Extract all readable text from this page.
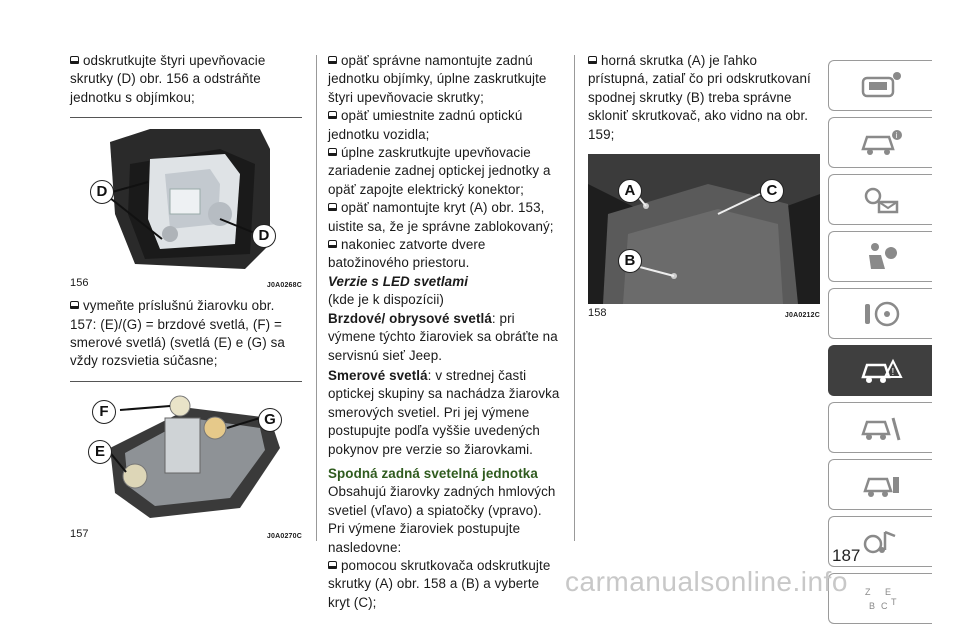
odskrutkujte štyri upevňovacie skrutky (D) obr. 156 a odstráňte jednotku s objímkou;

D
D
156	J0A0268C

vymeňte príslušnú žiarovku obr. 157: (E)/(G) = brzdové svetlá, (F) = smerové svetlá) (svetlá (E) e (G) sa vždy rozsvietia súčasne;

F	G
E
157	J0A0270C

opäť správne namontujte zadnú jednotku objímky, úplne zaskrutkujte štyri upevňovacie skrutky;

opäť umiestnite zadnú optickú jednotku vozidla;

úplne zaskrutkujte upevňovacie zariadenie zadnej optickej jednotky a opäť zapojte elektrický konektor;

opäť namontujte kryt (A) obr. 153, uistite sa, že je správne zablokovaný;

nakoniec zatvorte dvere batožinového priestoru.

Verzie s LED svetlami

(kde je k dispozícii)

Brzdové/ obrysové svetlá: pri výmene týchto žiaroviek sa obráťte na servisnú sieť Jeep.

Smerové svetlá: v strednej časti optickej skupiny sa nachádza žiarovka smerových svetiel. Pri jej výmene postupujte podľa vyššie uvedených pokynov pre verzie so žiarovkami.

Spodná zadná svetelná jednotka

Obsahujú žiarovky zadných hmlových svetiel (vľavo) a spiatočky (vpravo).

Pri výmene žiaroviek postupujte nasledovne:

pomocou skrutkovača odskrutkujte skrutky (A) obr. 158 a (B) a vyberte kryt (C);

horná skrutka (A) je ľahko prístupná, zatiaľ čo pri odskrutkovaní spodnej skrutky (B) treba správne skloniť skrutkovač, ako vidno na obr. 159;

A
B
C
158	J0A0212C
i
!
Z E
B C T
187
carmanualsonline.info
